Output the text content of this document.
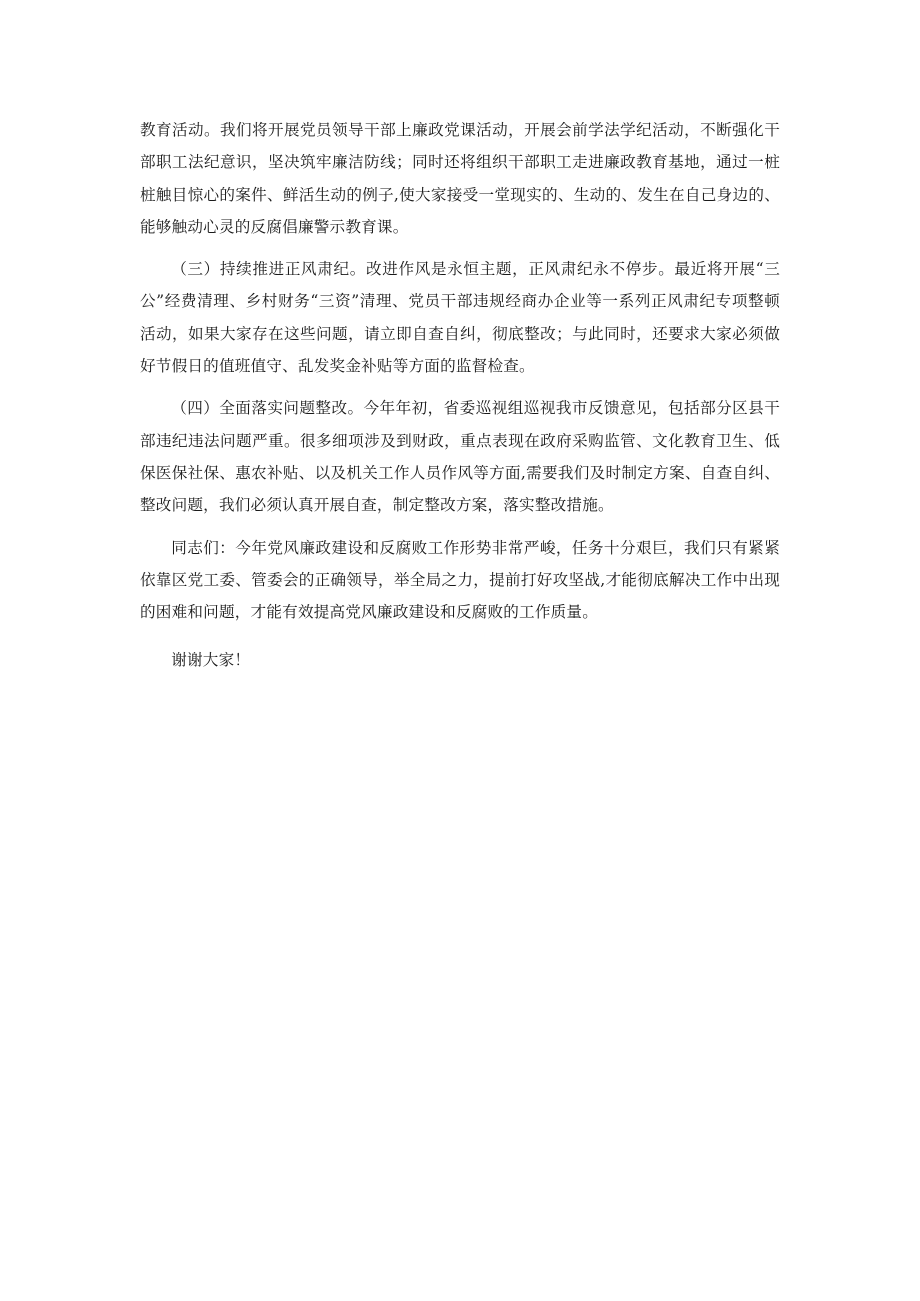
教育活动。我们将开展党员领导干部上廉政党课活动，开展会前学法学纪活动，不断强化干部职工法纪意识，坚决筑牢廉洁防线；同时还将组织干部职工走进廉政教育基地，通过一桩桩触目惊心的案件、鲜活生动的例子,使大家接受一堂现实的、生动的、发生在自己身边的、能够触动心灵的反腐倡廉警示教育课。

（三）持续推进正风肃纪。改进作风是永恒主题，正风肃纪永不停步。最近将开展“三公”经费清理、乡村财务“三资”清理、党员干部违规经商办企业等一系列正风肃纪专项整顿活动，如果大家存在这些问题，请立即自查自纠，彻底整改；与此同时，还要求大家必须做好节假日的值班值守、乱发奖金补贴等方面的监督检查。

（四）全面落实问题整改。今年年初，省委巡视组巡视我市反馈意见，包括部分区县干部违纪违法问题严重。很多细项涉及到财政，重点表现在政府采购监管、文化教育卫生、低保医保社保、惠农补贴、以及机关工作人员作风等方面,需要我们及时制定方案、自查自纠、整改问题，我们必须认真开展自查，制定整改方案，落实整改措施。

同志们：今年党风廉政建设和反腐败工作形势非常严峻，任务十分艰巨，我们只有紧紧依靠区党工委、管委会的正确领导，举全局之力，提前打好攻坚战,才能彻底解决工作中出现的困难和问题，才能有效提高党风廉政建设和反腐败的工作质量。

谢谢大家！
